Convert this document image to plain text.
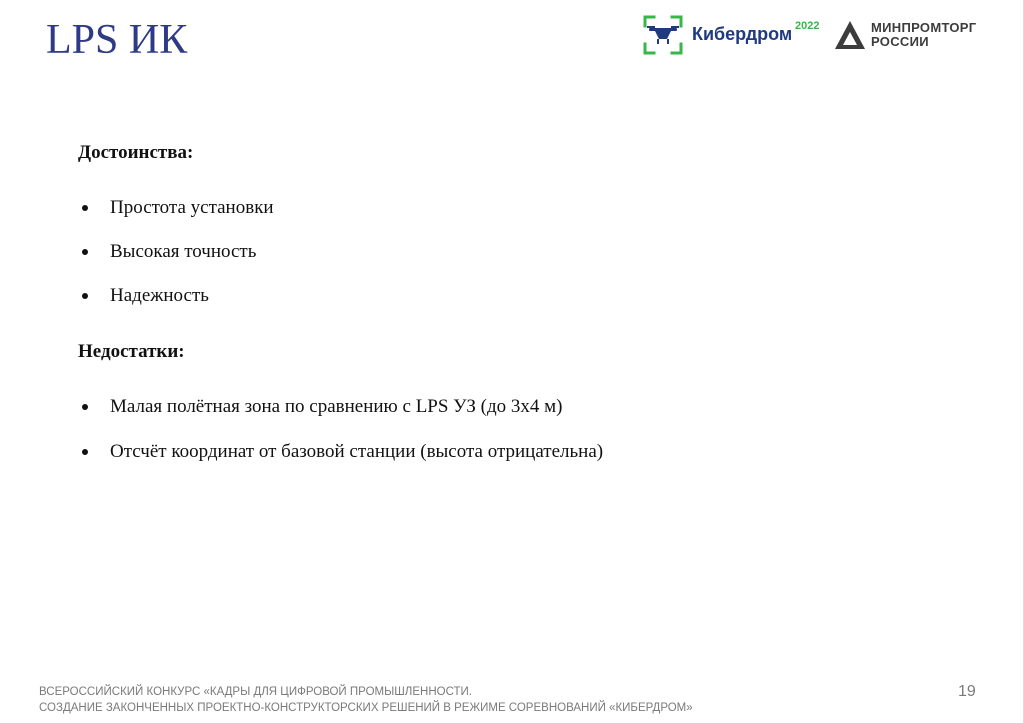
LPS ИК	Кибердром 2022	МИНПРОМТОРГ
РОССИИ
Достоинства:
Простота установки
Высокая точность
Надежность
Недостатки:
Малая полётная зона по сравнению с LPS УЗ (до 3х4 м)
Отсчёт координат от базовой станции (высота отрицательна)
ВСЕРОССИЙСКИЙ КОНКУРС «КАДРЫ ДЛЯ ЦИФРОВОЙ ПРОМЫШЛЕННОСТИ.
СОЗДАНИЕ ЗАКОНЧЕННЫХ ПРОЕКТНО-КОНСТРУКТОРСКИХ РЕШЕНИЙ В РЕЖИМЕ СОРЕВНОВАНИЙ «КИБЕРДРОМ»
19
